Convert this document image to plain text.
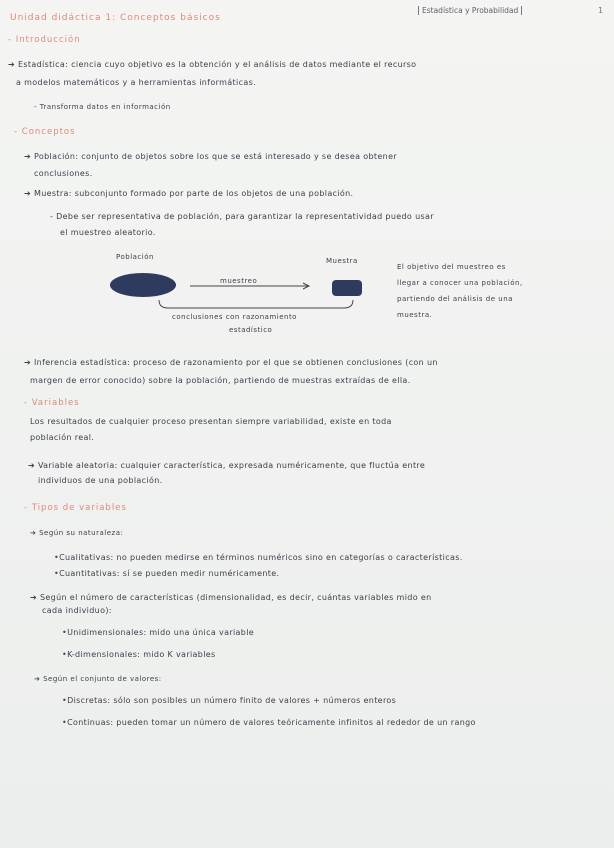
Unidad didáctica 1: Conceptos básicos
Estadística y Probabilidad	1
- Introducción
➔ Estadística: ciencia cuyo objetivo es la obtención y el análisis de datos mediante el recurso
a modelos matemáticos y a herramientas informáticas.
- Transforma datos en información
- Conceptos
➔ Población: conjunto de objetos sobre los que se está interesado y se desea obtener
conclusiones.
➔ Muestra: subconjunto formado por parte de los objetos de una población.
- Debe ser representativa de población, para garantizar la representatividad puedo usar
el muestreo aleatorio.
Población
muestreo
Muestra
conclusiones con razonamiento
estadístico
El objetivo del muestreo es
llegar a conocer una población,
partiendo del análisis de una
muestra.
➔ Inferencia estadística: proceso de razonamiento por el que se obtienen conclusiones (con un
margen de error conocido) sobre la población, partiendo de muestras extraídas de ella.
- Variables
Los resultados de cualquier proceso presentan siempre variabilidad, existe en toda
población real.
➔ Variable aleatoria: cualquier característica, expresada numéricamente, que fluctúa entre
individuos de una población.
- Tipos de variables
➔ Según su naturaleza:
•Cualitativas: no pueden medirse en términos numéricos sino en categorías o características.
•Cuantitativas: sí se pueden medir numéricamente.
➔ Según el número de características (dimensionalidad, es decir, cuántas variables mido en
cada individuo):
•Unidimensionales: mido una única variable
•K-dimensionales: mido K variables
➔ Según el conjunto de valores:
•Discretas: sólo son posibles un número finito de valores + números enteros
•Continuas: pueden tomar un número de valores teóricamente infinitos al rededor de un rango
